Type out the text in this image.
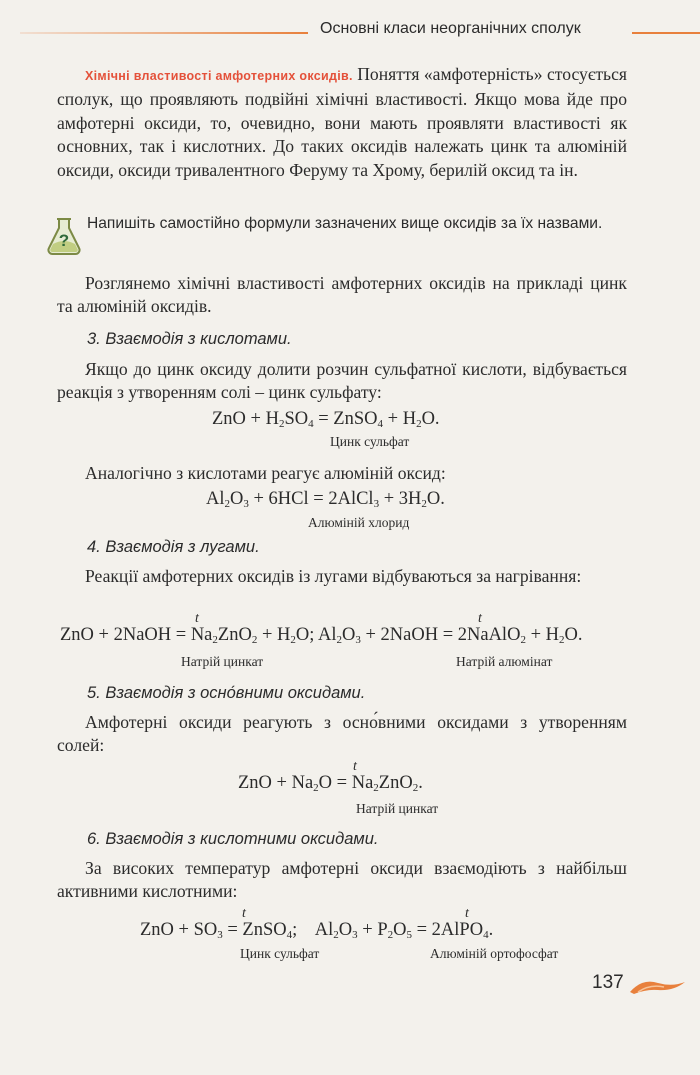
Основні класи неорганічних сполук

Хімічні властивості амфотерних оксидів. Поняття «амфотерність» стосується сполук, що проявляють подвійні хімічні властивості. Якщо мова йде про амфотерні оксиди, то, очевидно, вони мають проявляти властивості як основних, так і кислотних. До таких оксидів належать цинк та алюміній оксиди, оксиди тривалентного Феруму та Хрому, берилій оксид та ін.

?

Напишіть самостійно формули зазначених вище оксидів за їх назвами.

Розглянемо хімічні властивості амфотерних оксидів на прикладі цинк та алюміній оксидів.

3. Взаємодія з кислотами.

Якщо до цинк оксиду долити розчин сульфатної кислоти, відбувається реакція з утворенням солі – цинк сульфату:

ZnO + $H_2SO_4$ = ZnSO$_4$ + $H_2O$.

Цинк сульфат

Аналогічно з кислотами реагує алюміній оксид:

$Al_2O_3 + 6HCl$ = 2AlCl$_3$ + $3H_2O$.

Алюміній хлорид

4. Взаємодія з лугами.

Реакції амфотерних оксидів із лугами відбуваються за нагрівання:

t	t

ZnO + 2NaOH = $Na_2ZnO_2 + H_2O$; $Al_2O_3$ + 2NaOH = 2NaAlO$_2$ + $H_2O$.

Натрій цинкат	Натрій алюмінат

5. Взаємодія з осно́вними оксидами.

Амфотерні оксиди реагують з осно́вними оксидами з утворенням солей:

t

ZnO + $Na_2O = Na_2ZnO_2$.

Натрій цинкат

6. Взаємодія з кислотними оксидами.

За високих температур амфотерні оксиди взаємодіють з найбільш активними кислотними:

t	t

ZnO + $SO_3$ = ZnSO$_4$;    $Al_2O_3 + P_2O_5$ = 2AlPO$_4$.

Цинк сульфат	Алюміній ортофосфат
137
